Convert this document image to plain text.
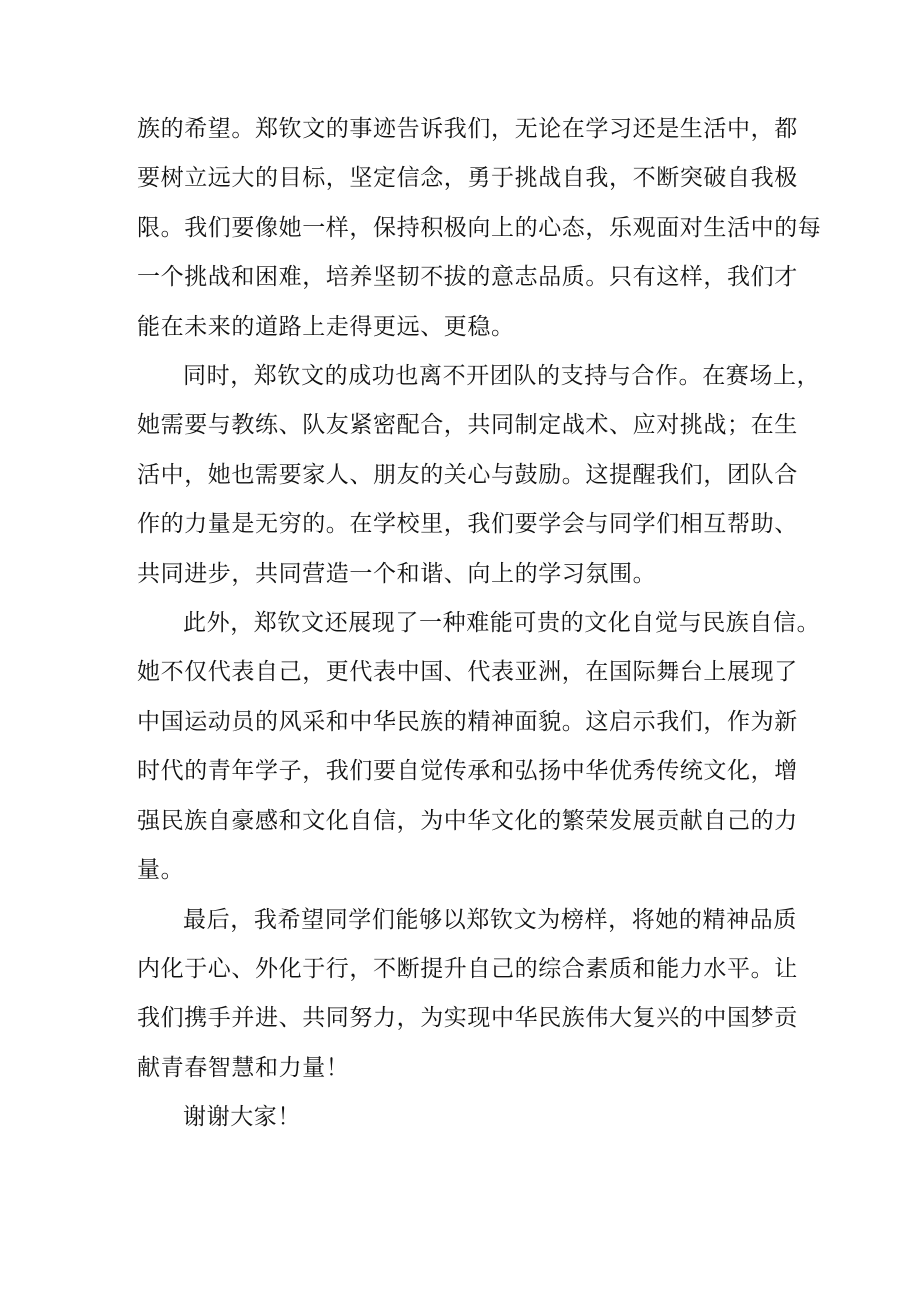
族的希望。郑钦文的事迹告诉我们，无论在学习还是生活中，都
要树立远大的目标，坚定信念，勇于挑战自我，不断突破自我极
限。我们要像她一样，保持积极向上的心态，乐观面对生活中的每
一个挑战和困难，培养坚韧不拔的意志品质。只有这样，我们才
能在未来的道路上走得更远、更稳。

同时，郑钦文的成功也离不开团队的支持与合作。在赛场上，
她需要与教练、队友紧密配合，共同制定战术、应对挑战；在生
活中，她也需要家人、朋友的关心与鼓励。这提醒我们，团队合
作的力量是无穷的。在学校里，我们要学会与同学们相互帮助、
共同进步，共同营造一个和谐、向上的学习氛围。

此外，郑钦文还展现了一种难能可贵的文化自觉与民族自信。
她不仅代表自己，更代表中国、代表亚洲，在国际舞台上展现了
中国运动员的风采和中华民族的精神面貌。这启示我们，作为新
时代的青年学子，我们要自觉传承和弘扬中华优秀传统文化，增
强民族自豪感和文化自信，为中华文化的繁荣发展贡献自己的力
量。

最后，我希望同学们能够以郑钦文为榜样，将她的精神品质
内化于心、外化于行，不断提升自己的综合素质和能力水平。让
我们携手并进、共同努力，为实现中华民族伟大复兴的中国梦贡
献青春智慧和力量！

谢谢大家！
